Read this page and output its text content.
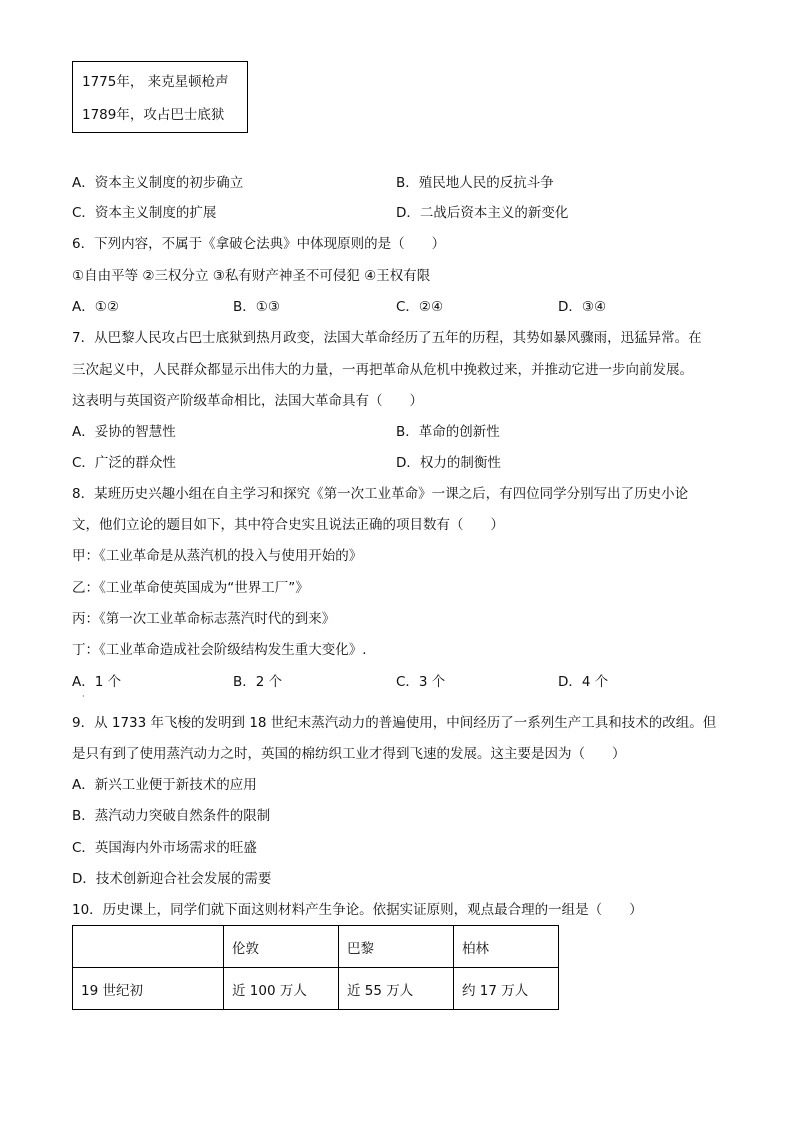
1775年， 来克星顿枪声
1789年，攻占巴士底狱
A．资本主义制度的初步确立	B．殖民地人民的反抗斗争
C．资本主义制度的扩展	D．二战后资本主义的新变化
6．下列内容，不属于《拿破仑法典》中体现原则的是（　　）
①自由平等 ②三权分立 ③私有财产神圣不可侵犯 ④王权有限
A．①②	B．①③	C．②④	D．③④
7．从巴黎人民攻占巴士底狱到热月政变，法国大革命经历了五年的历程，其势如暴风骤雨，迅猛异常。在
三次起义中，人民群众都显示出伟大的力量，一再把革命从危机中挽救过来，并推动它进一步向前发展。
这表明与英国资产阶级革命相比，法国大革命具有（　　）
A．妥协的智慧性	B．革命的创新性
C．广泛的群众性	D．权力的制衡性
8．某班历史兴趣小组在自主学习和探究《第一次工业革命》一课之后，有四位同学分别写出了历史小论
文，他们立论的题目如下，其中符合史实且说法正确的项目数有（　　）
甲：《工业革命是从蒸汽机的投入与使用开始的》
乙：《工业革命使英国成为“世界工厂”》
丙：《第一次工业革命标志蒸汽时代的到来》
丁：《工业革命造成社会阶级结构发生重大变化》.
A．1 个	B．2 个	C．3 个	D．4 个
·
9．从 1733 年飞梭的发明到 18 世纪末蒸汽动力的普遍使用，中间经历了一系列生产工具和技术的改组。但
是只有到了使用蒸汽动力之时，英国的棉纺织工业才得到飞速的发展。这主要是因为（　　）
A．新兴工业便于新技术的应用
B．蒸汽动力突破自然条件的限制
C．英国海内外市场需求的旺盛
D．技术创新迎合社会发展的需要
10．历史课上，同学们就下面这则材料产生争论。依据实证原则，观点最合理的一组是（　　）
	伦敦	巴黎	柏林
19 世纪初	近 100 万人	近 55 万人	约 17 万人
